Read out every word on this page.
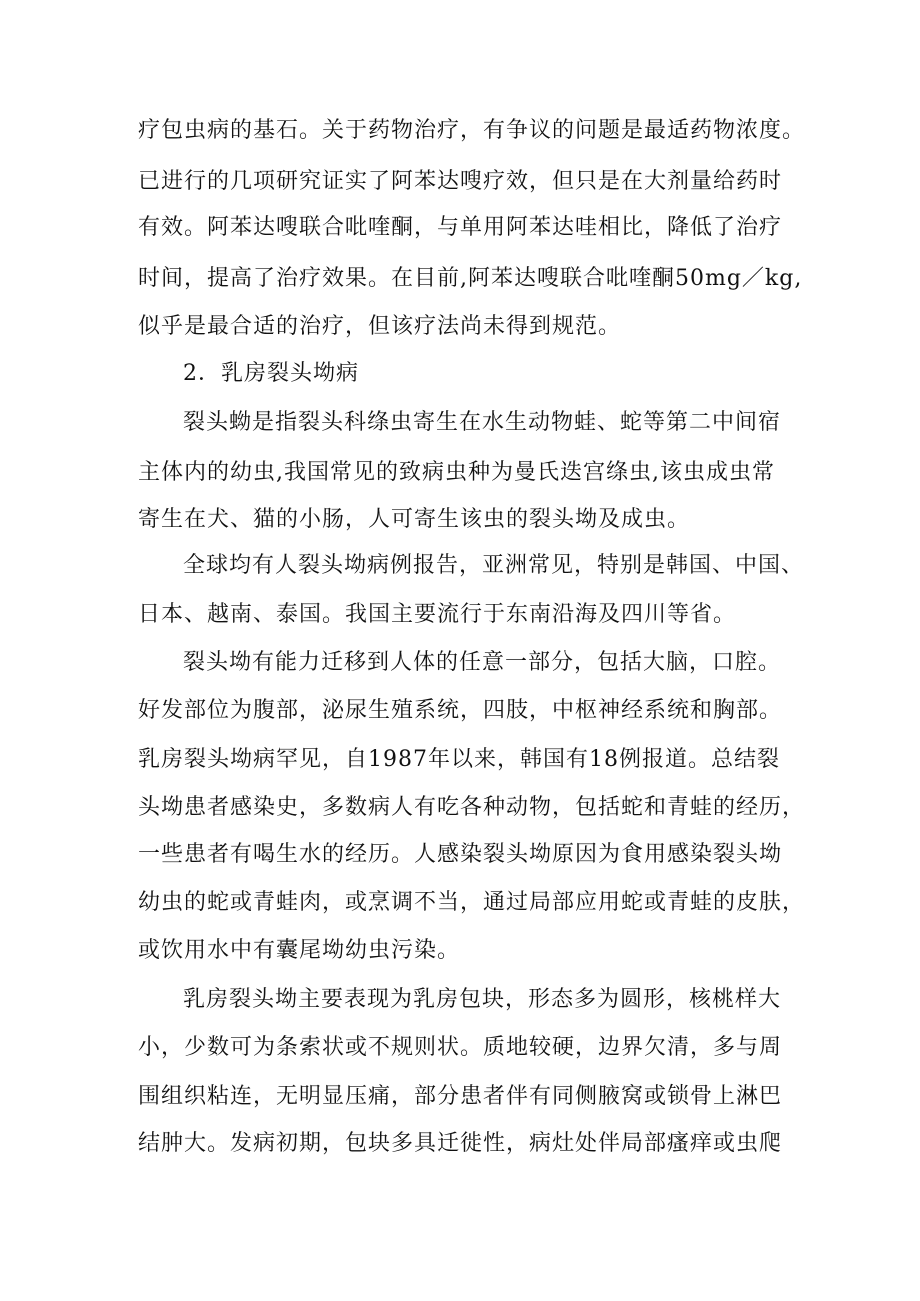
疗包虫病的基石。关于药物治疗，有争议的问题是最适药物浓度。
已进行的几项研究证实了阿苯达嗖疗效，但只是在大剂量给药时
有效。阿苯达嗖联合吡喹酮，与单用阿苯达哇相比，降低了治疗
时间，提高了治疗效果。在目前,阿苯达嗖联合吡喹酮50mg／kg,
似乎是最合适的治疗，但该疗法尚未得到规范。
2．乳房裂头坳病
裂头蚴是指裂头科绦虫寄生在水生动物蛙、蛇等第二中间宿
主体内的幼虫,我国常见的致病虫种为曼氏迭宫绦虫,该虫成虫常
寄生在犬、猫的小肠，人可寄生该虫的裂头坳及成虫。
全球均有人裂头坳病例报告，亚洲常见，特别是韩国、中国、
日本、越南、泰国。我国主要流行于东南沿海及四川等省。
裂头坳有能力迁移到人体的任意一部分，包括大脑，口腔。
好发部位为腹部，泌尿生殖系统，四肢，中枢神经系统和胸部。
乳房裂头坳病罕见，自1987年以来，韩国有18例报道。总结裂
头坳患者感染史，多数病人有吃各种动物，包括蛇和青蛙的经历，
一些患者有喝生水的经历。人感染裂头坳原因为食用感染裂头坳
幼虫的蛇或青蛙肉，或烹调不当，通过局部应用蛇或青蛙的皮肤，
或饮用水中有囊尾坳幼虫污染。
乳房裂头坳主要表现为乳房包块，形态多为圆形，核桃样大
小，少数可为条索状或不规则状。质地较硬，边界欠清，多与周
围组织粘连，无明显压痛，部分患者伴有同侧腋窝或锁骨上淋巴
结肿大。发病初期，包块多具迁徙性，病灶处伴局部瘙痒或虫爬
